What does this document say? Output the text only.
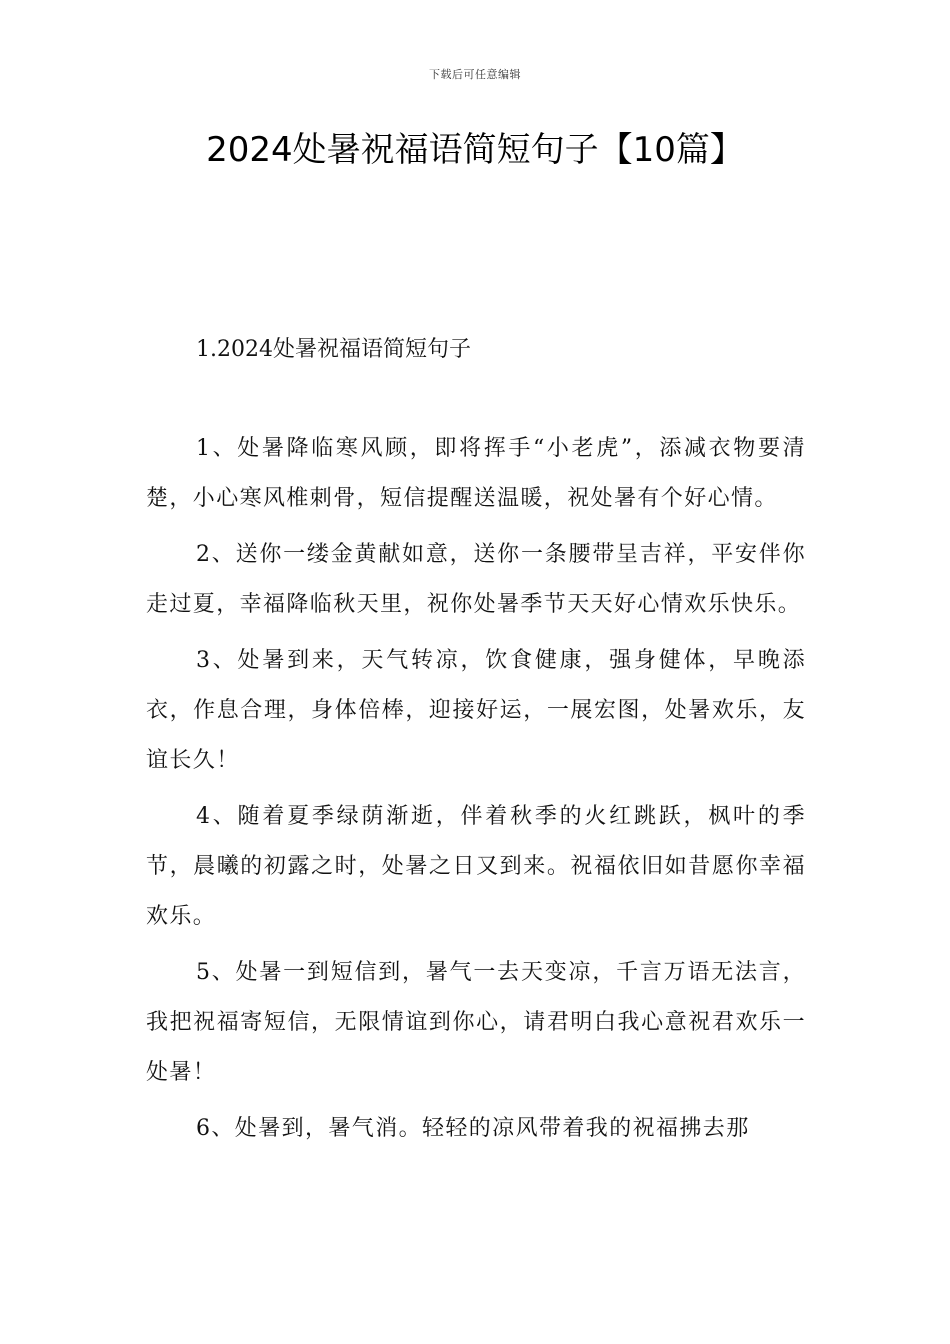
下载后可任意编辑
2024处暑祝福语简短句子【10篇】
1.2024处暑祝福语简短句子

1、处暑降临寒风顾，即将挥手“小老虎”，添减衣物要清楚，小心寒风椎刺骨，短信提醒送温暖，祝处暑有个好心情。

2、送你一缕金黄献如意，送你一条腰带呈吉祥，平安伴你走过夏，幸福降临秋天里，祝你处暑季节天天好心情欢乐快乐。

3、处暑到来，天气转凉，饮食健康，强身健体，早晚添衣，作息合理，身体倍棒，迎接好运，一展宏图，处暑欢乐，友谊长久！

4、随着夏季绿荫渐逝，伴着秋季的火红跳跃，枫叶的季节，晨曦的初露之时，处暑之日又到来。祝福依旧如昔愿你幸福欢乐。

5、处暑一到短信到，暑气一去天变凉，千言万语无法言，我把祝福寄短信，无限情谊到你心，请君明白我心意祝君欢乐一处暑！

6、处暑到，暑气消。轻轻的凉风带着我的祝福拂去那
